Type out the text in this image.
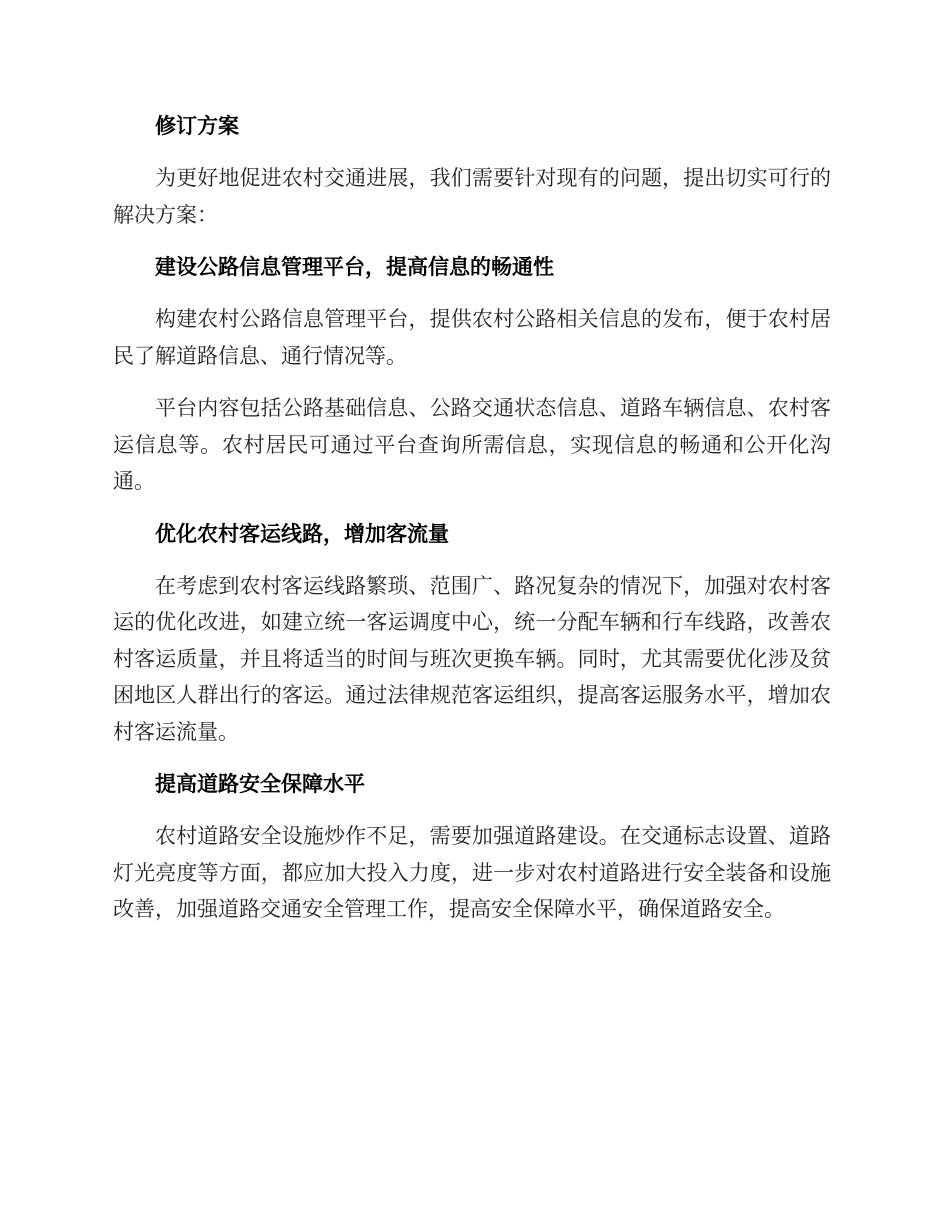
修订方案

为更好地促进农村交通进展，我们需要针对现有的问题，提出切实可行的解决方案：

建设公路信息管理平台，提高信息的畅通性

构建农村公路信息管理平台，提供农村公路相关信息的发布，便于农村居民了解道路信息、通行情况等。

平台内容包括公路基础信息、公路交通状态信息、道路车辆信息、农村客运信息等。农村居民可通过平台查询所需信息，实现信息的畅通和公开化沟通。

优化农村客运线路，增加客流量

在考虑到农村客运线路繁琐、范围广、路况复杂的情况下，加强对农村客运的优化改进，如建立统一客运调度中心，统一分配车辆和行车线路，改善农村客运质量，并且将适当的时间与班次更换车辆。同时，尤其需要优化涉及贫困地区人群出行的客运。通过法律规范客运组织，提高客运服务水平，增加农村客运流量。

提高道路安全保障水平

农村道路安全设施炒作不足，需要加强道路建设。在交通标志设置、道路灯光亮度等方面，都应加大投入力度，进一步对农村道路进行安全装备和设施改善，加强道路交通安全管理工作，提高安全保障水平，确保道路安全。
